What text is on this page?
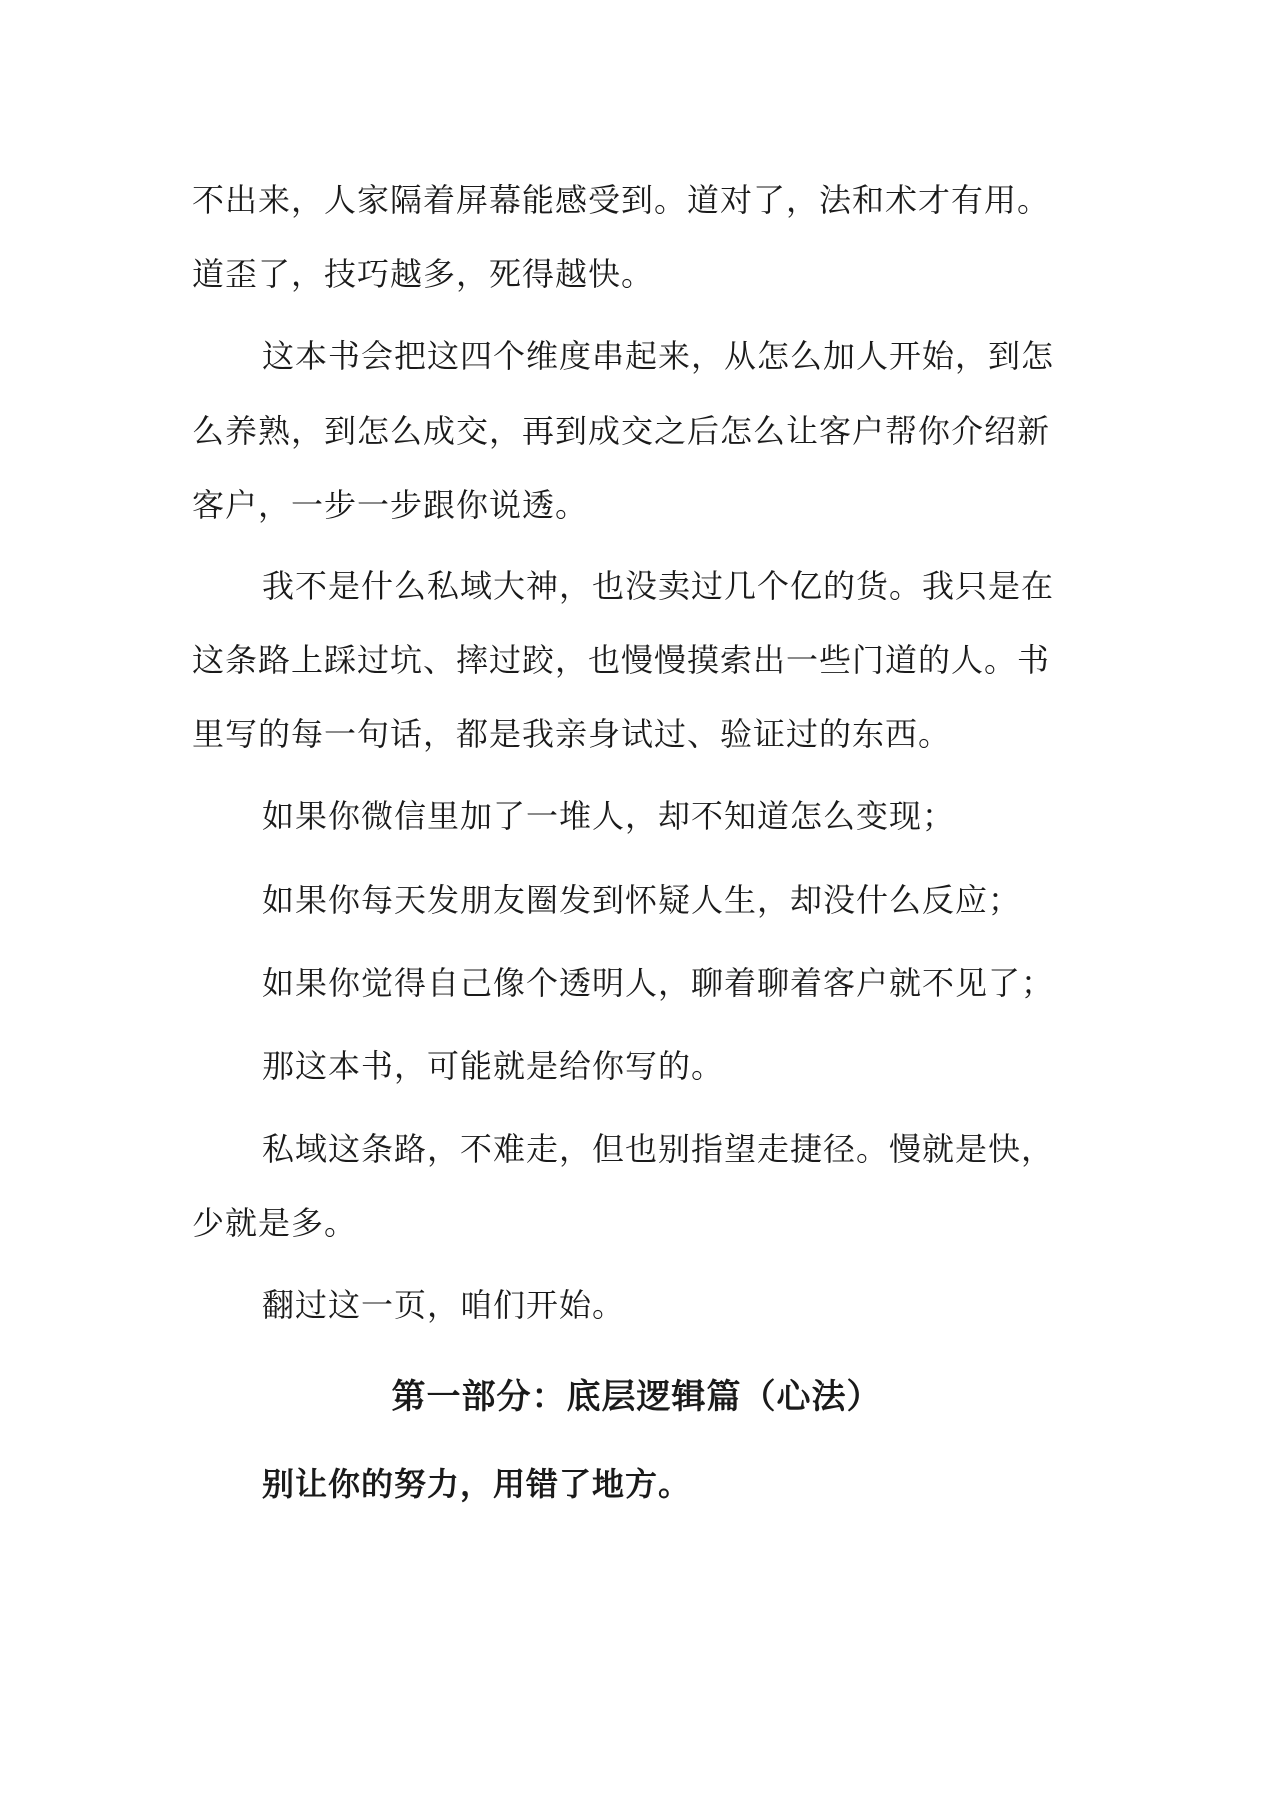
不出来，人家隔着屏幕能感受到。道对了，法和术才有用。
道歪了，技巧越多，死得越快。
这本书会把这四个维度串起来，从怎么加人开始，到怎
么养熟，到怎么成交，再到成交之后怎么让客户帮你介绍新
客户，一步一步跟你说透。
我不是什么私域大神，也没卖过几个亿的货。我只是在
这条路上踩过坑、摔过跤，也慢慢摸索出一些门道的人。书
里写的每一句话，都是我亲身试过、验证过的东西。
如果你微信里加了一堆人，却不知道怎么变现；
如果你每天发朋友圈发到怀疑人生，却没什么反应；
如果你觉得自己像个透明人，聊着聊着客户就不见了；
那这本书，可能就是给你写的。
私域这条路，不难走，但也别指望走捷径。慢就是快，
少就是多。
翻过这一页，咱们开始。
第一部分：底层逻辑篇（心法）
别让你的努力，用错了地方。
